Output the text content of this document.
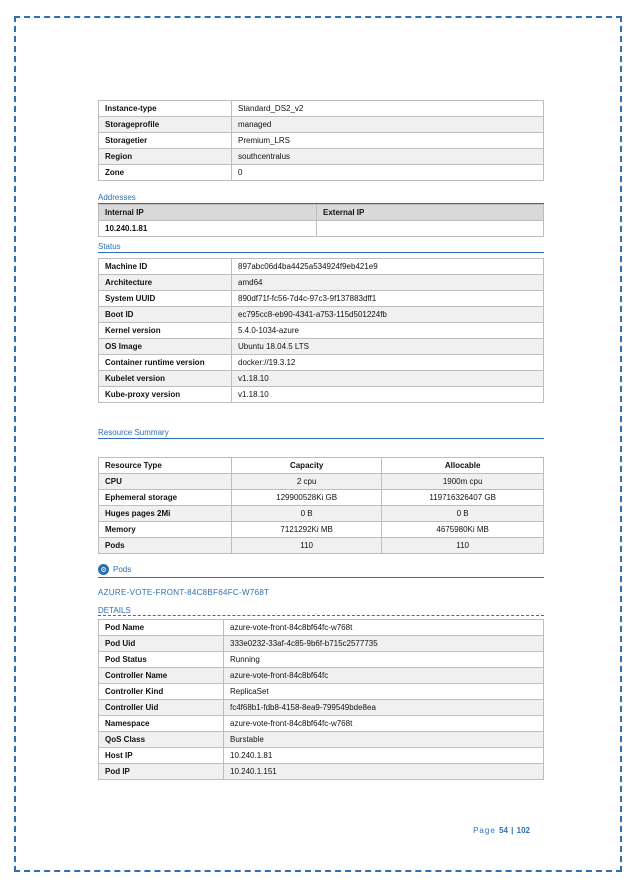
Instance-type	Standard_DS2_v2
Storageprofile	managed
Storagetier	Premium_LRS
Region	southcentralus
Zone	0
Addresses
Internal IP	External IP
10.240.1.81	
Status
Machine ID	897abc06d4ba4425a534924f9eb421e9
Architecture	amd64
System UUID	890df71f-fc56-7d4c-97c3-9f137883dff1
Boot ID	ec795cc8-eb90-4341-a753-115d501224fb
Kernel version	5.4.0-1034-azure
OS Image	Ubuntu 18.04.5 LTS
Container runtime version	docker://19.3.12
Kubelet version	v1.18.10
Kube-proxy version	v1.18.10
Resource Summary
Resource Type	Capacity	Allocable
CPU	2 cpu	1900m cpu
Ephemeral storage	129900528Ki GB	119716326407 GB
Huges pages 2Mi	0 B	0 B
Memory	7121292Ki MB	4675980Ki MB
Pods	110	110
⚙ Pods
AZURE-VOTE-FRONT-84C8BF64FC-W768T
DETAILS
Pod Name	azure-vote-front-84c8bf64fc-w768t
Pod Uid	333e0232-33af-4c85-9b6f-b715c2577735
Pod Status	Running
Controller Name	azure-vote-front-84c8bf64fc
Controller Kind	ReplicaSet
Controller Uid	fc4f68b1-fdb8-4158-8ea9-799549bde8ea
Namespace	azure-vote-front-84c8bf64fc-w768t
QoS Class	Burstable
Host IP	10.240.1.81
Pod IP	10.240.1.151
Page 54 | 102
